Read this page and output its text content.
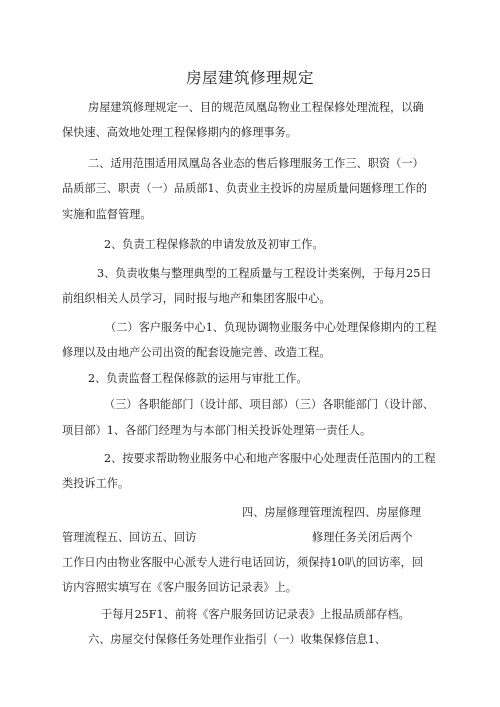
房屋建筑修理规定
房屋建筑修理规定一、目的规范凤凰岛物业工程保修处理流程，以确
保快速、高效地处理工程保修期内的修理事务。
二、适用范围适用凤凰岛各业态的售后修理服务工作三、职资（一）
品质部三、职责（一）品质部1、负责业主投诉的房屋质量问题修理工作的
实施和监督管理。
2、负责工程保修款的申请发放及初审工作。
3、负责收集与整理典型的工程质量与工程设计类案例，于每月25日
前组织相关人员学习，同时报与地产和集团客服中心。
（二）客户服务中心1、负现协调物业服务中心处理保修期内的工程
修理以及由地产公司出资的配套设施完善、改造工程。
2、负责监督工程保修款的运用与审批工作。
（三）各职能部门（设计部、项目部）（三）各职能部门（设计部、
项目部）1、各部门经理为与本部门相关投诉处理第一责任人。
2、按要求帮助物业服务中心和地产客服中心处理责任范围内的工程
类投诉工作。
四、房屋修理管理流程四、房屋修理
管理流程五、回访五、回访	修理任务关闭后两个
工作日内由物业客服中心派专人进行电话回访，须保持10叭的回访率，回
访内容照实填写在《客户服务回访记录表》上。
于每月25F1、前将《客户服务回访记录表》上报品质部存档。
六、房屋交付保修任务处理作业指引（一）收集保修信息1、
